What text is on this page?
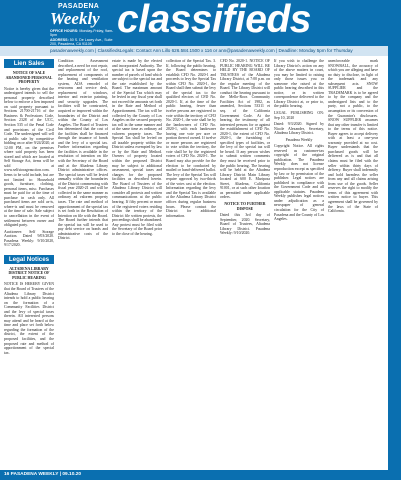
PASADENA
Weekly classifieds
OFFICE HOURS: Monday-Friday, 9am-5pm
ADDRESS: 50 S. De Lacey Ave., Suite 200, Pasadena, CA 91105

pasadenaweekly.com | ClassifiedsLegals: Contact Ann Lillo 626.584.1500 x 116 or ann@pasadenaweekly.com | Deadline: Monday 5pm for Thursday
Lien Sales

NOTICE OF SALE ABANDONED PERSONAL PROPERTY

Notice is hereby given that the undersigned intends to sell the personal property described below to enforce a lien imposed on said property pursuant to Sections 21700-21716 of the Business & Professions Code, Section 2328 of the UCC, Section 535 of the Penal Code and provisions of the Civil Code. The undersigned will sell at public sale by competitive bidding on or after 9/24/2020, at 12:00 PM, on the premises where said property has been stored and which are located at Self Storage Act, items will be sold at www.selfstorageauction.com. Items to be sold include, but are not limited to: Household goods, furniture, clothing, personal items, misc. Purchases must be paid for at the time of purchase in cash only. All purchased items are sold as-is, where-is and must be removed at the time of sale. Sale subject to cancellation in the event of settlement between owner and obligated party.

Auctioneer: Self Storage Auction. Dated 9/03/2020. Pasadena Weekly: 9/10/2020, 9/17/2020.

Legal Notices

ALTADENA LIBRARY DISTRICT NOTICE OF PUBLIC HEARING

NOTICE IS HEREBY GIVEN that the Board of Trustees of the Altadena Library District intends to hold a public hearing on the formation of a Community Facilities District and the levy of special taxes therein. All interested persons may attend and be heard at the time and place set forth below regarding the formation of the district, the extent of the proposed facilities, and the proposed rate and method of apportionment of the special tax.

Condition Assessment described, a need for root repair, and replacement of the roof, replacement of components of the heating and ventilation system, ADA remodel of restrooms and service desk, replacement of windows, interior and exterior painting, and security upgrades. The facilities will be constructed, acquired or improved within the boundaries of the District and within the County of Los Angeles. The Board of Trustees has determined that the cost of the facilities shall be financed through the issuance of bonds and the levy of a special tax. Further information regarding the facilities is available in the resolution of intention on file with the Secretary of the Board and at the Altadena Library District administrative offices. The special taxes will be levied annually within the boundaries of the District commencing with fiscal year 2020-21 and will be collected in the same manner as ordinary ad valorem property taxes. The rate and method of apportionment of the special tax is set forth in the Resolution of Intention on file with the Board. The Board further intends that the special tax will be used to pay debt service on bonds and administrative costs of the District.

estate is made by the elected and incorporated Authority. The special tax is based upon the number of parcels of land which are subject to the special tax and the rate established by the Board. The maximum amount of the Special Tax which may be levied in any fiscal year shall not exceed the amounts set forth in the Rate and Method of Apportionment. The tax will be collected by the County of Los Angeles on the secured property tax roll in the same manner and at the same time as ordinary ad valorem property taxes. The Special Tax shall be levied on all taxable property within the District unless exempted by law or by the Rate and Method. Owners of property located within the proposed District may be subject to additional assessment, special taxes and charges for the proposed facilities as described herein. The Board of Trustees of the Altadena Library District will consider all protests and written communications at the public hearing. If fifty percent or more of the registered voters residing within the territory of the District file written protests, the proceedings shall be abandoned. Any protest must be filed with the Secretary of the Board prior to the close of the hearing.

collection of the Special Tax. 3. If, following the public hearing, the Board determines to establish CFD No. 2020-1 and proceeds to levy the Special Tax within CFD No. 2020-1, the Board shall then submit the levy of the special tax to the qualified electors of CFD No. 2020-1. If, at the time of the public hearing, fewer than twelve persons are registered to vote within the territory of CFD No. 2020-1, the vote shall be by the landowners of CFD No. 2020-1, with each landowner having one vote per acre or portion thereof owned. If twelve or more persons are registered to vote within the territory, the vote shall be by the registered voters of CFD No. 2020-1. The Board may also provide for the election to be conducted by mailed or hand-delivered ballot. The levy of the Special Tax will require approval by two-thirds of the votes cast at the election. Information regarding the levy and the Special Tax is available at the Altadena Library District offices during regular business hours. Please contact the District for additional information.

CFD No. 2020-1. NOTICE OF PUBLIC HEARING WILL BE HELD BY THE BOARD OF TRUSTEES of the Altadena Library District, at 7:00 p.m. on the regular meeting of the Board. The Library District will conduct the hearing pursuant to the Mello-Roos Community Facilities Act of 1982, as amended, Sections 53311 et seq. of the California Government Code. At the hearing, the testimony of all interested persons for or against the establishment of CFD No. 2020-1, the extent of CFD No. 2020-1, the furnishing of specified types of facilities, or the levy of the special tax will be heard. If any person wishes to submit written comments they must be received prior to the public hearing. The hearing will be held at the Altadena Library District Main Library located at 600 E. Mariposa Street, Altadena, California 91001, or at such other location as permitted under applicable orders.

NOTICE TO FURTHER DISPOSE

Dated this 3rd day of September, 2020. Secretary, Board of Trustees, Altadena Library District. Pasadena Weekly: 9/10/2020.

If you wish to challenge the Library District's action on any of the above matters in court, you may be limited to raising only those issues you or someone else raised at the public hearing described in this notice, or in written correspondence delivered to the Library District at, or prior to, the public hearing.

LEGAL PUBLISHING ON: Sep 10, 2020

Dated: 9/3/2020. Signed by Nicole Alexander, Secretary, Altadena Library District.

Pasadena Weekly

Copyright Notice. All rights reserved as customer-tax copyright of the original publication. The Pasadena Weekly does not license reproduction except as specified by law or by permission of the publisher. Legal notices are published in compliance with the Government Code and all applicable statutes. Pasadena Weekly publishes legal notices under adjudication as a newspaper of general circulation for the City of Pasadena and the County of Los Angeles.

unenforceable mark SNOWBALL, the accuracy of which you are alleging and have no duty to disclose, in light of the trademark and any subsequent acts. SNOW SUPPLIER and the TRADEMARK is to be agreed to by the company and the undersigned lists and to the party, not a public, to the assumption or its conversion of the Guarantor's disclosures. SNOW SUPPLIER assumes that any other transfer is limited to the terms of this notice. Buyer agrees to accept delivery with at least a one-year warranty provided at no cost. Buyer understands that the purchased goods will be delivered as is and that all claims must be filed with the seller within thirty days of delivery. Buyer shall indemnify and hold harmless the seller from any and all claims arising from use of the goods. Seller reserves the right to modify the terms of this agreement with written notice to buyer. This agreement shall be governed by the laws of the State of California.

16 PASADENA WEEKLY | 09.10.20
